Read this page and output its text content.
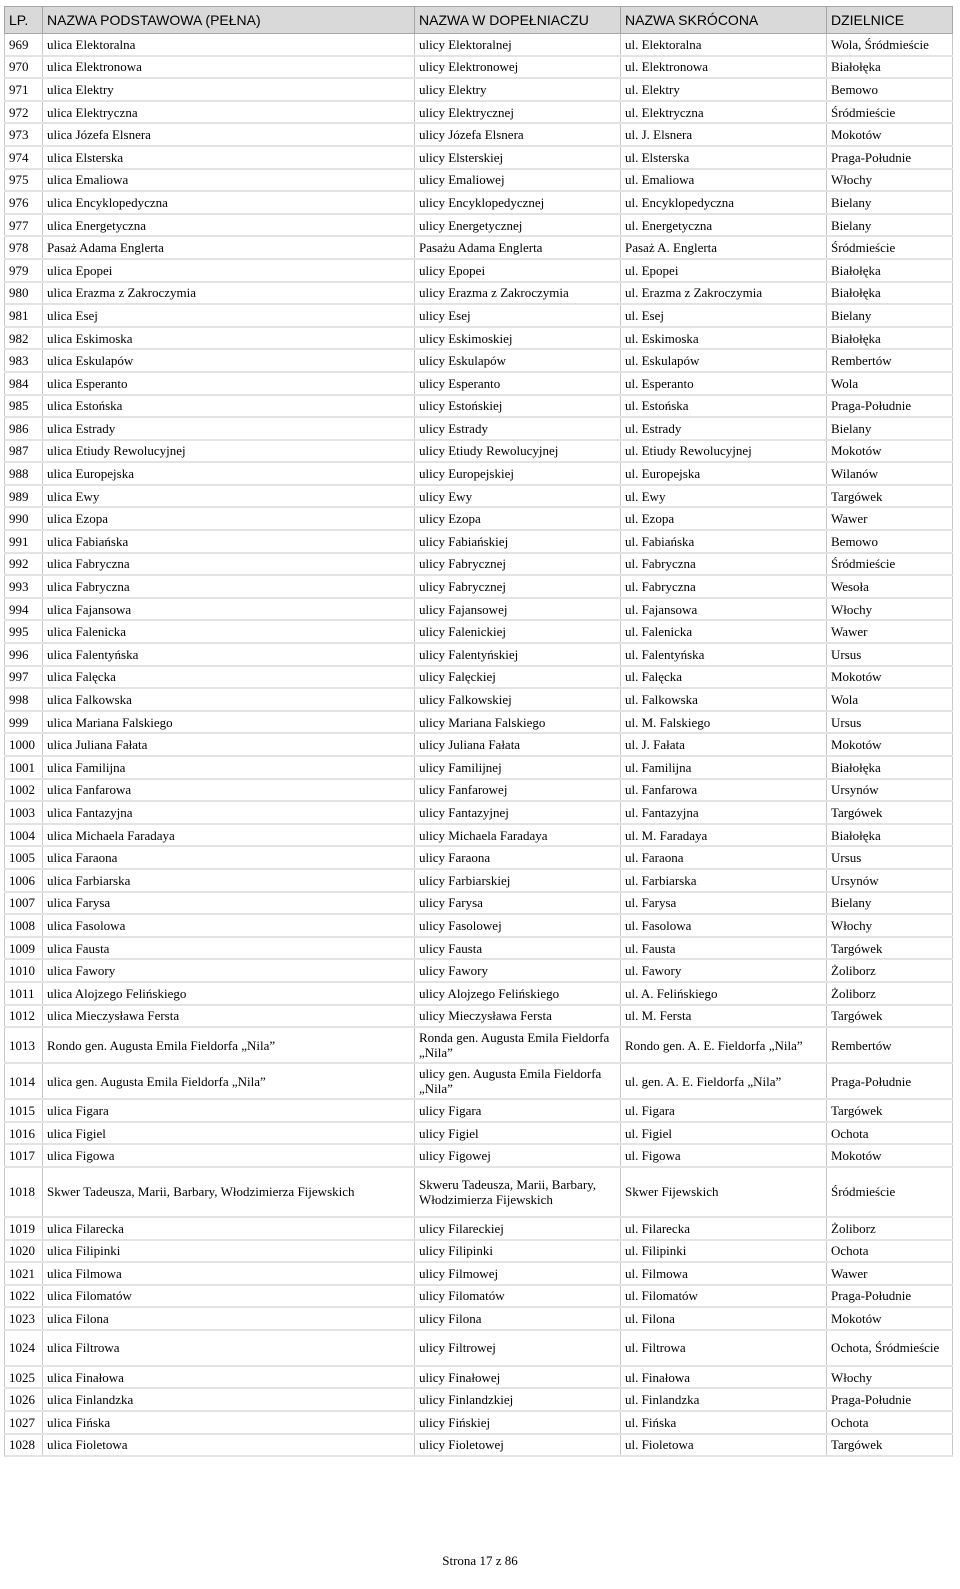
LP.	NAZWA PODSTAWOWA (PEŁNA)	NAZWA W DOPEŁNIACZU	NAZWA SKRÓCONA	DZIELNICE
969	ulica Elektoralna	ulicy Elektoralnej	ul. Elektoralna	Wola, Śródmieście
970	ulica Elektronowa	ulicy Elektronowej	ul. Elektronowa	Białołęka
971	ulica Elektry	ulicy Elektry	ul. Elektry	Bemowo
972	ulica Elektryczna	ulicy Elektrycznej	ul. Elektryczna	Śródmieście
973	ulica Józefa Elsnera	ulicy Józefa Elsnera	ul. J. Elsnera	Mokotów
974	ulica Elsterska	ulicy Elsterskiej	ul. Elsterska	Praga-Południe
975	ulica Emaliowa	ulicy Emaliowej	ul. Emaliowa	Włochy
976	ulica Encyklopedyczna	ulicy Encyklopedycznej	ul. Encyklopedyczna	Bielany
977	ulica Energetyczna	ulicy Energetycznej	ul. Energetyczna	Bielany
978	Pasaż Adama Englerta	Pasażu Adama Englerta	Pasaż A. Englerta	Śródmieście
979	ulica Epopei	ulicy Epopei	ul. Epopei	Białołęka
980	ulica Erazma z Zakroczymia	ulicy Erazma z Zakroczymia	ul. Erazma z Zakroczymia	Białołęka
981	ulica Esej	ulicy Esej	ul. Esej	Bielany
982	ulica Eskimoska	ulicy Eskimoskiej	ul. Eskimoska	Białołęka
983	ulica Eskulapów	ulicy Eskulapów	ul. Eskulapów	Rembertów
984	ulica Esperanto	ulicy Esperanto	ul. Esperanto	Wola
985	ulica Estońska	ulicy Estońskiej	ul. Estońska	Praga-Południe
986	ulica Estrady	ulicy Estrady	ul. Estrady	Bielany
987	ulica Etiudy Rewolucyjnej	ulicy Etiudy Rewolucyjnej	ul. Etiudy Rewolucyjnej	Mokotów
988	ulica Europejska	ulicy Europejskiej	ul. Europejska	Wilanów
989	ulica Ewy	ulicy Ewy	ul. Ewy	Targówek
990	ulica Ezopa	ulicy Ezopa	ul. Ezopa	Wawer
991	ulica Fabiańska	ulicy Fabiańskiej	ul. Fabiańska	Bemowo
992	ulica Fabryczna	ulicy Fabrycznej	ul. Fabryczna	Śródmieście
993	ulica Fabryczna	ulicy Fabrycznej	ul. Fabryczna	Wesoła
994	ulica Fajansowa	ulicy Fajansowej	ul. Fajansowa	Włochy
995	ulica Falenicka	ulicy Falenickiej	ul. Falenicka	Wawer
996	ulica Falentyńska	ulicy Falentyńskiej	ul. Falentyńska	Ursus
997	ulica Falęcka	ulicy Falęckiej	ul. Falęcka	Mokotów
998	ulica Falkowska	ulicy Falkowskiej	ul. Falkowska	Wola
999	ulica Mariana Falskiego	ulicy Mariana Falskiego	ul. M. Falskiego	Ursus
1000	ulica Juliana Fałata	ulicy Juliana Fałata	ul. J. Fałata	Mokotów
1001	ulica Familijna	ulicy Familijnej	ul. Familijna	Białołęka
1002	ulica Fanfarowa	ulicy Fanfarowej	ul. Fanfarowa	Ursynów
1003	ulica Fantazyjna	ulicy Fantazyjnej	ul. Fantazyjna	Targówek
1004	ulica Michaela Faradaya	ulicy Michaela Faradaya	ul. M. Faradaya	Białołęka
1005	ulica Faraona	ulicy Faraona	ul. Faraona	Ursus
1006	ulica Farbiarska	ulicy Farbiarskiej	ul. Farbiarska	Ursynów
1007	ulica Farysa	ulicy Farysa	ul. Farysa	Bielany
1008	ulica Fasolowa	ulicy Fasolowej	ul. Fasolowa	Włochy
1009	ulica Fausta	ulicy Fausta	ul. Fausta	Targówek
1010	ulica Fawory	ulicy Fawory	ul. Fawory	Żoliborz
1011	ulica Alojzego Felińskiego	ulicy Alojzego Felińskiego	ul. A. Felińskiego	Żoliborz
1012	ulica Mieczysława Fersta	ulicy Mieczysława Fersta	ul. M. Fersta	Targówek
1013	Rondo gen. Augusta Emila Fieldorfa „Nila”	Ronda gen. Augusta Emila Fieldorfa „Nila”	Rondo gen. A. E. Fieldorfa „Nila”	Rembertów
1014	ulica gen. Augusta Emila Fieldorfa „Nila”	ulicy gen. Augusta Emila Fieldorfa „Nila”	ul. gen. A. E. Fieldorfa „Nila”	Praga-Południe
1015	ulica Figara	ulicy Figara	ul. Figara	Targówek
1016	ulica Figiel	ulicy Figiel	ul. Figiel	Ochota
1017	ulica Figowa	ulicy Figowej	ul. Figowa	Mokotów
1018	Skwer Tadeusza, Marii, Barbary, Włodzimierza Fijewskich	Skweru Tadeusza, Marii, Barbary, Włodzimierza Fijewskich	Skwer Fijewskich	Śródmieście
1019	ulica Filarecka	ulicy Filareckiej	ul. Filarecka	Żoliborz
1020	ulica Filipinki	ulicy Filipinki	ul. Filipinki	Ochota
1021	ulica Filmowa	ulicy Filmowej	ul. Filmowa	Wawer
1022	ulica Filomatów	ulicy Filomatów	ul. Filomatów	Praga-Południe
1023	ulica Filona	ulicy Filona	ul. Filona	Mokotów
1024	ulica Filtrowa	ulicy Filtrowej	ul. Filtrowa	Ochota, Śródmieście
1025	ulica Finałowa	ulicy Finałowej	ul. Finałowa	Włochy
1026	ulica Finlandzka	ulicy Finlandzkiej	ul. Finlandzka	Praga-Południe
1027	ulica Fińska	ulicy Fińskiej	ul. Fińska	Ochota
1028	ulica Fioletowa	ulicy Fioletowej	ul. Fioletowa	Targówek
Strona 17 z 86
